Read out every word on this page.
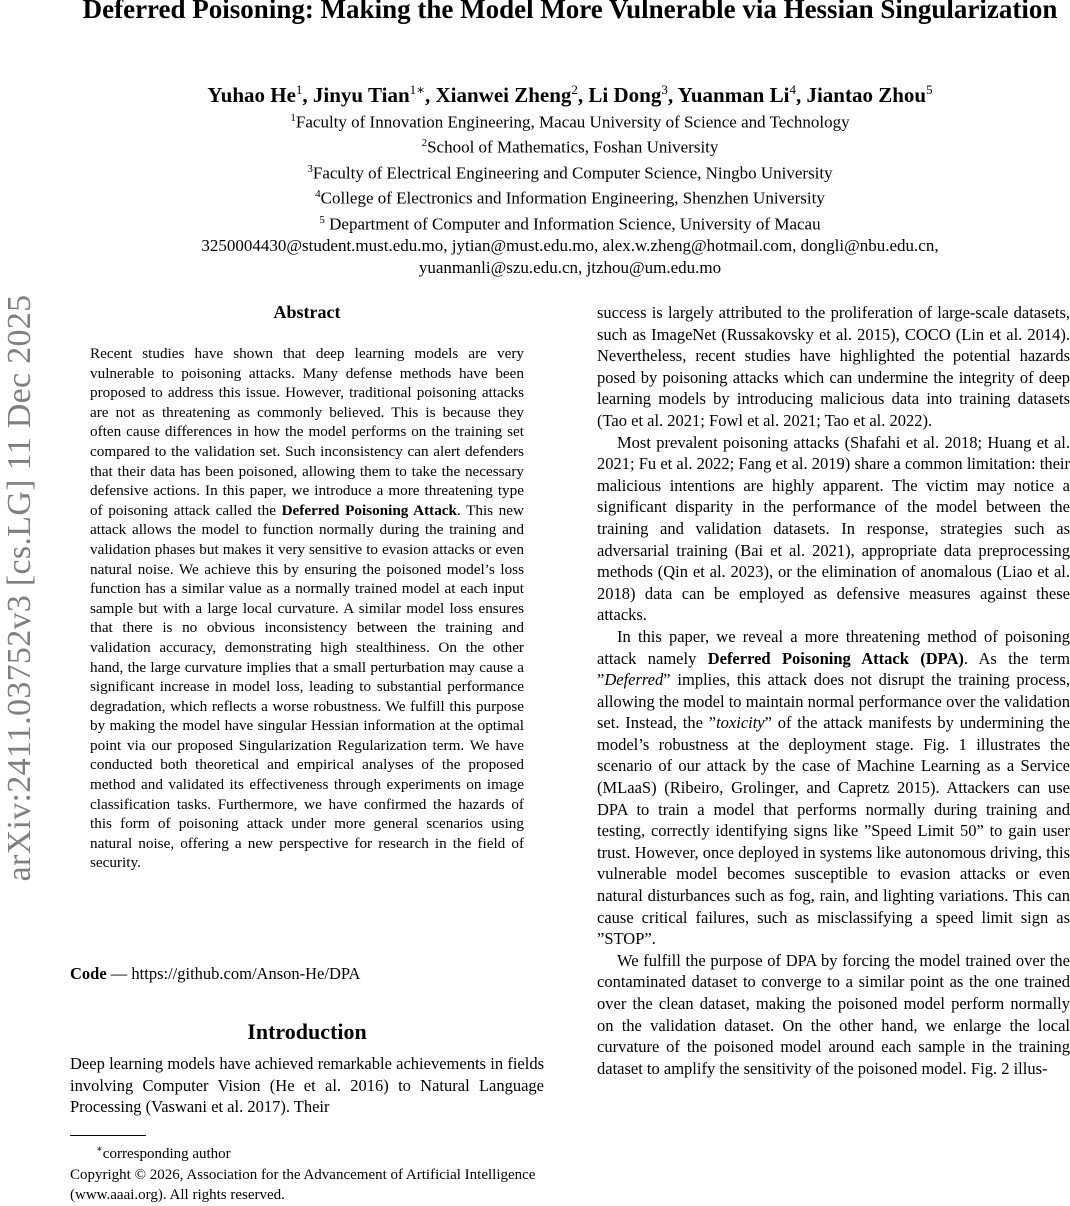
arXiv:2411.03752v3 [cs.LG] 11 Dec 2025
Deferred Poisoning: Making the Model More Vulnerable via Hessian Singularization
Yuhao He$^1$, Jinyu Tian$^{1∗}$, Xianwei Zheng$^2$, Li Dong$^3$, Yuanman Li$^4$, Jiantao Zhou$^5$
$^1$Faculty of Innovation Engineering, Macau University of Science and Technology
$^2$School of Mathematics, Foshan University
$^3$Faculty of Electrical Engineering and Computer Science, Ningbo University
$^4$College of Electronics and Information Engineering, Shenzhen University
$^5$ Department of Computer and Information Science, University of Macau
3250004430@student.must.edu.mo, jytian@must.edu.mo, alex.w.zheng@hotmail.com, dongli@nbu.edu.cn,
yuanmanli@szu.edu.cn, jtzhou@um.edu.mo
Abstract
Recent studies have shown that deep learning models are very vulnerable to poisoning attacks. Many defense methods have been proposed to address this issue. However, traditional poisoning attacks are not as threatening as commonly believed. This is because they often cause differences in how the model performs on the training set compared to the validation set. Such inconsistency can alert defenders that their data has been poisoned, allowing them to take the necessary defensive actions. In this paper, we introduce a more threatening type of poisoning attack called the Deferred Poisoning Attack. This new attack allows the model to function normally during the training and validation phases but makes it very sensitive to evasion attacks or even natural noise. We achieve this by ensuring the poisoned model’s loss function has a similar value as a normally trained model at each input sample but with a large local curvature. A similar model loss ensures that there is no obvious inconsistency between the training and validation accuracy, demonstrating high stealthiness. On the other hand, the large curvature implies that a small perturbation may cause a significant increase in model loss, leading to substantial performance degradation, which reflects a worse robustness. We fulfill this purpose by making the model have singular Hessian information at the optimal point via our proposed Singularization Regularization term. We have conducted both theoretical and empirical analyses of the proposed method and validated its effectiveness through experiments on image classification tasks. Furthermore, we have confirmed the hazards of this form of poisoning attack under more general scenarios using natural noise, offering a new perspective for research in the field of security.
Code — https://github.com/Anson-He/DPA
Introduction
Deep learning models have achieved remarkable achievements in fields involving Computer Vision (He et al. 2016) to Natural Language Processing (Vaswani et al. 2017). Their
∗corresponding author
Copyright © 2026, Association for the Advancement of Artificial Intelligence (www.aaai.org). All rights reserved.

success is largely attributed to the proliferation of large-scale datasets, such as ImageNet (Russakovsky et al. 2015), COCO (Lin et al. 2014). Nevertheless, recent studies have highlighted the potential hazards posed by poisoning attacks which can undermine the integrity of deep learning models by introducing malicious data into training datasets (Tao et al. 2021; Fowl et al. 2021; Tao et al. 2022).

Most prevalent poisoning attacks (Shafahi et al. 2018; Huang et al. 2021; Fu et al. 2022; Fang et al. 2019) share a common limitation: their malicious intentions are highly apparent. The victim may notice a significant disparity in the performance of the model between the training and validation datasets. In response, strategies such as adversarial training (Bai et al. 2021), appropriate data preprocessing methods (Qin et al. 2023), or the elimination of anomalous (Liao et al. 2018) data can be employed as defensive measures against these attacks.

In this paper, we reveal a more threatening method of poisoning attack namely Deferred Poisoning Attack (DPA). As the term ”Deferred” implies, this attack does not disrupt the training process, allowing the model to maintain normal performance over the validation set. Instead, the ”toxicity” of the attack manifests by undermining the model’s robustness at the deployment stage. Fig. 1 illustrates the scenario of our attack by the case of Machine Learning as a Service (MLaaS) (Ribeiro, Grolinger, and Capretz 2015). Attackers can use DPA to train a model that performs normally during training and testing, correctly identifying signs like ”Speed Limit 50” to gain user trust. However, once deployed in systems like autonomous driving, this vulnerable model becomes susceptible to evasion attacks or even natural disturbances such as fog, rain, and lighting variations. This can cause critical failures, such as misclassifying a speed limit sign as ”STOP”.

We fulfill the purpose of DPA by forcing the model trained over the contaminated dataset to converge to a similar point as the one trained over the clean dataset, making the poisoned model perform normally on the validation dataset. On the other hand, we enlarge the local curvature of the poisoned model around each sample in the training dataset to amplify the sensitivity of the poisoned model. Fig. 2 illus-
